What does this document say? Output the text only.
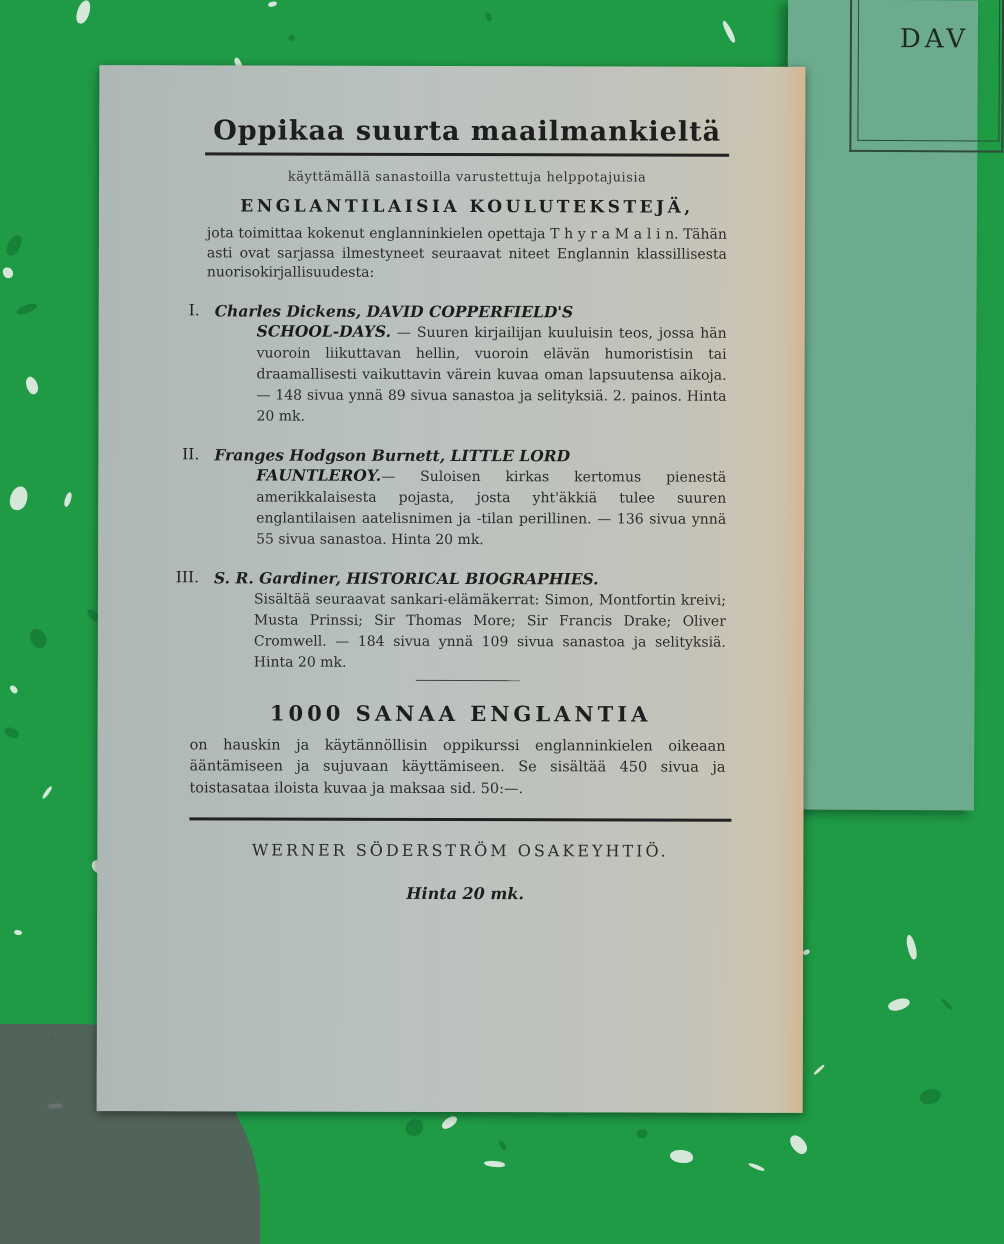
DAV
Oppikaa suurta maailmankieltä
käyttämällä sanastoilla varustettuja helppotajuisia
ENGLANTILAISIA KOULUTEKSTEJÄ,
jota toimittaa kokenut englanninkielen opettaja T h y r a M a l i n. Tähän asti ovat sarjassa ilmestyneet seuraavat niteet Englannin klassillisesta nuorisokirjallisuudesta:
I. Charles Dickens, DAVID COPPERFIELD'S
SCHOOL-DAYS. — Suuren kirjailijan kuuluisin teos, jossa hän vuoroin liikuttavan hellin, vuoroin elävän humoristisin tai draamallisesti vaikuttavin värein kuvaa oman lapsuutensa aikoja. — 148 sivua ynnä 89 sivua sanastoa ja selityksiä. 2. painos. Hinta 20 mk.
II. Franges Hodgson Burnett, LITTLE LORD
FAUNTLEROY.— Suloisen kirkas kertomus pienestä amerikkalaisesta pojasta, josta yht'äkkiä tulee suuren englantilaisen aatelisnimen ja -tilan perillinen. — 136 sivua ynnä 55 sivua sanastoa. Hinta 20 mk.
III. S. R. Gardiner, HISTORICAL BIOGRAPHIES.
Sisältää seuraavat sankari-elämäkerrat: Simon, Montfortin kreivi; Musta Prinssi; Sir Thomas More; Sir Francis Drake; Oliver Cromwell. — 184 sivua ynnä 109 sivua sanastoa ja selityksiä. Hinta 20 mk.
1000 SANAA ENGLANTIA
on hauskin ja käytännöllisin oppikurssi englanninkielen oikeaan ääntämiseen ja sujuvaan käyttämiseen. Se sisältää 450 sivua ja toistasataa iloista kuvaa ja maksaa sid. 50:—.
WERNER SÖDERSTRÖM OSAKEYHTIÖ.
Hinta 20 mk.
